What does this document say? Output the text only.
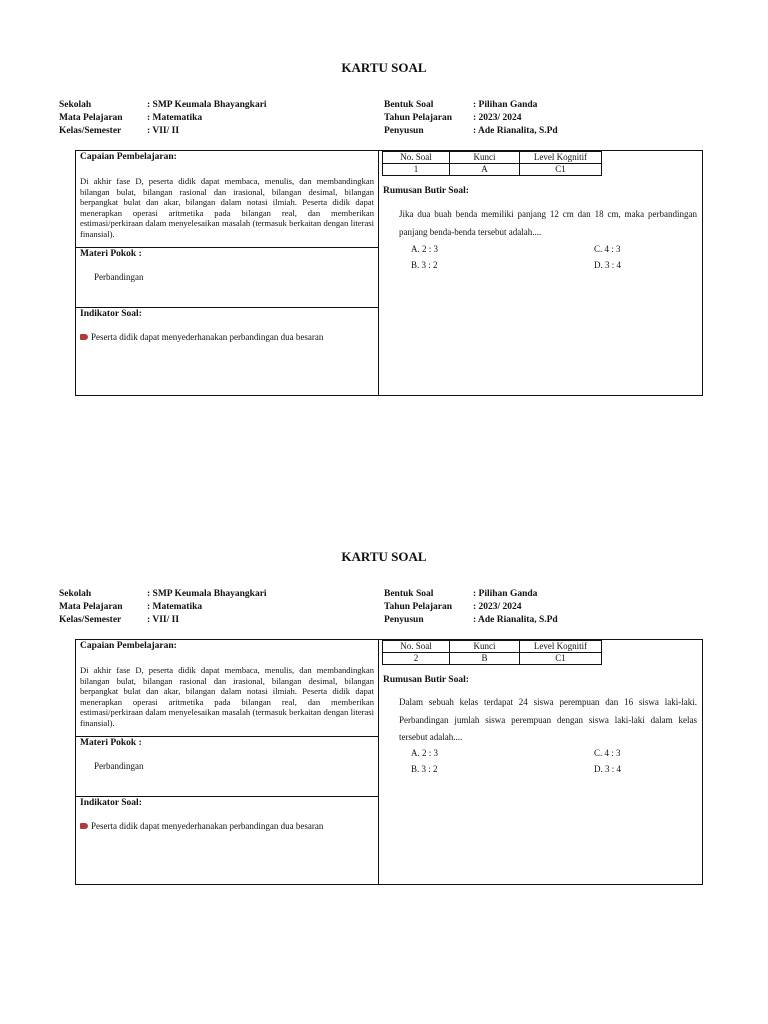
KARTU SOAL
Sekolah	: SMP Keumala Bhayangkari
Mata Pelajaran	: Matematika
Kelas/Semester	: VII/ II
Bentuk Soal	: Pilihan Ganda
Tahun Pelajaran	: 2023/ 2024
Penyusun	: Ade Rianalita, S.Pd
Capaian Pembelajaran:
Di akhir fase D, peserta didik dapat membaca, menulis, dan membandingkan bilangan bulat, bilangan rasional dan irasional, bilangan desimal, bilangan berpangkat bulat dan akar, bilangan dalam notasi ilmiah. Peserta didik dapat menerapkan operasi aritmetika pada bilangan real, dan memberikan estimasi/perkiraan dalam menyelesaikan masalah (termasuk berkaitan dengan literasi finansial).
Materi Pokok :
Perbandingan
Indikator Soal:
Peserta didik dapat menyederhanakan perbandingan dua besaran
No. Soal	Kunci	Level Kognitif
1	A	C1
Rumusan Butir Soal:
Jika dua buah benda memiliki panjang 12 cm dan 18 cm, maka perbandingan panjang benda-benda tersebut adalah....
A. 2 : 3	C. 4 : 3
B. 3 : 2	D. 3 : 4
KARTU SOAL
Sekolah	: SMP Keumala Bhayangkari
Mata Pelajaran	: Matematika
Kelas/Semester	: VII/ II
Bentuk Soal	: Pilihan Ganda
Tahun Pelajaran	: 2023/ 2024
Penyusun	: Ade Rianalita, S.Pd
Capaian Pembelajaran:
Di akhir fase D, peserta didik dapat membaca, menulis, dan membandingkan bilangan bulat, bilangan rasional dan irasional, bilangan desimal, bilangan berpangkat bulat dan akar, bilangan dalam notasi ilmiah. Peserta didik dapat menerapkan operasi aritmetika pada bilangan real, dan memberikan estimasi/perkiraan dalam menyelesaikan masalah (termasuk berkaitan dengan literasi finansial).
Materi Pokok :
Perbandingan
Indikator Soal:
Peserta didik dapat menyederhanakan perbandingan dua besaran
No. Soal	Kunci	Level Kognitif
2	B	C1
Rumusan Butir Soal:
Dalam sebuah kelas terdapat 24 siswa perempuan dan 16 siswa laki-laki. Perbandingan jumlah siswa perempuan dengan siswa laki-laki dalam kelas tersebut adalah....
A. 2 : 3	C. 4 : 3
B. 3 : 2	D. 3 : 4
